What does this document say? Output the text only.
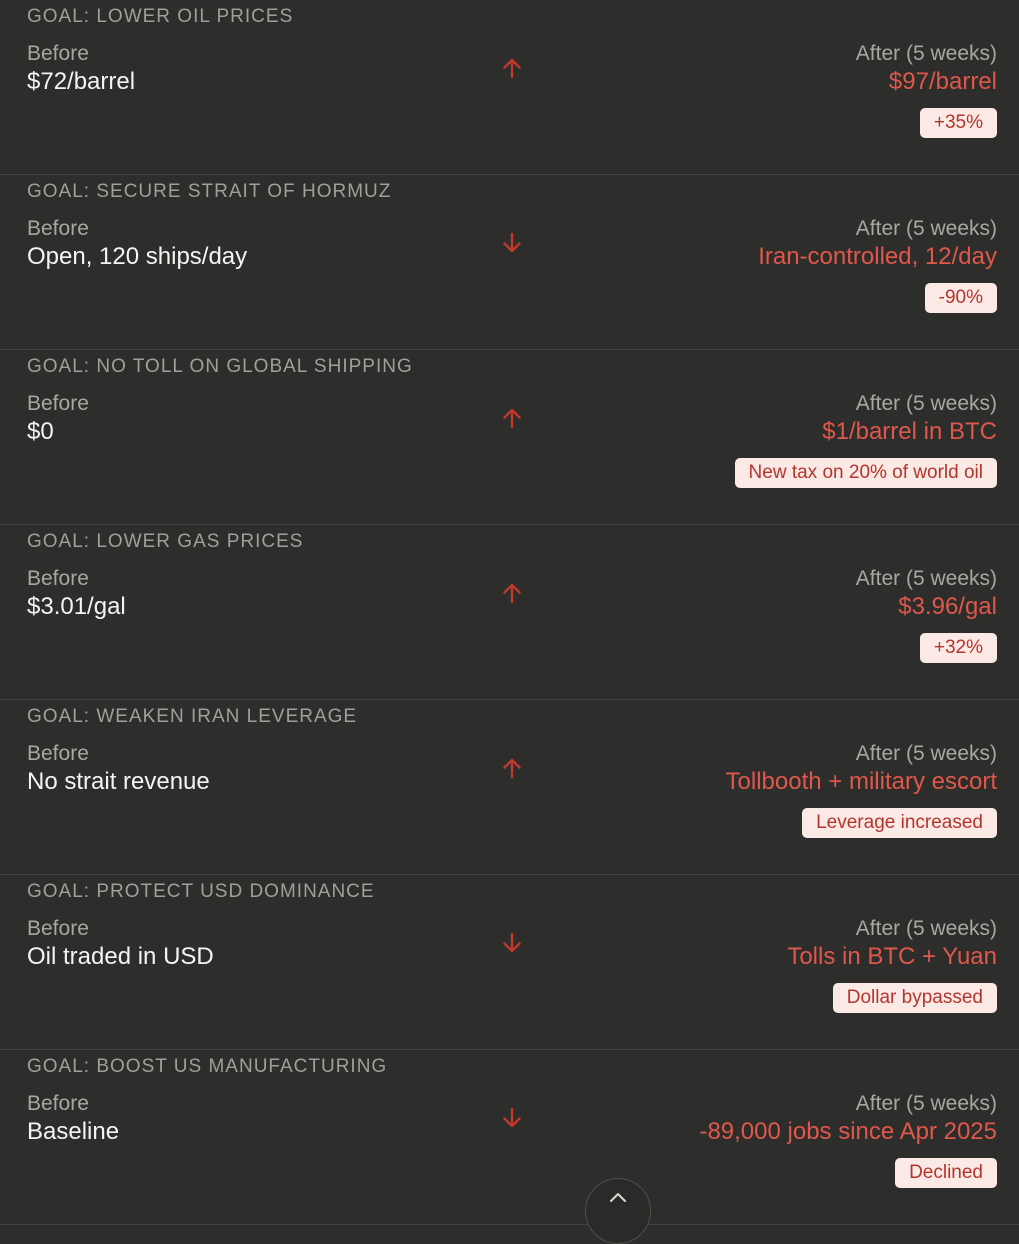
GOAL: LOWER OIL PRICES
Before
$72/barrel
After (5 weeks)
$97/barrel
+35%
GOAL: SECURE STRAIT OF HORMUZ
Before
Open, 120 ships/day
After (5 weeks)
Iran-controlled, 12/day
-90%
GOAL: NO TOLL ON GLOBAL SHIPPING
Before
$0
After (5 weeks)
$1/barrel in BTC
New tax on 20% of world oil
GOAL: LOWER GAS PRICES
Before
$3.01/gal
After (5 weeks)
$3.96/gal
+32%
GOAL: WEAKEN IRAN LEVERAGE
Before
No strait revenue
After (5 weeks)
Tollbooth + military escort
Leverage increased
GOAL: PROTECT USD DOMINANCE
Before
Oil traded in USD
After (5 weeks)
Tolls in BTC + Yuan
Dollar bypassed
GOAL: BOOST US MANUFACTURING
Before
Baseline
After (5 weeks)
-89,000 jobs since Apr 2025
Declined
